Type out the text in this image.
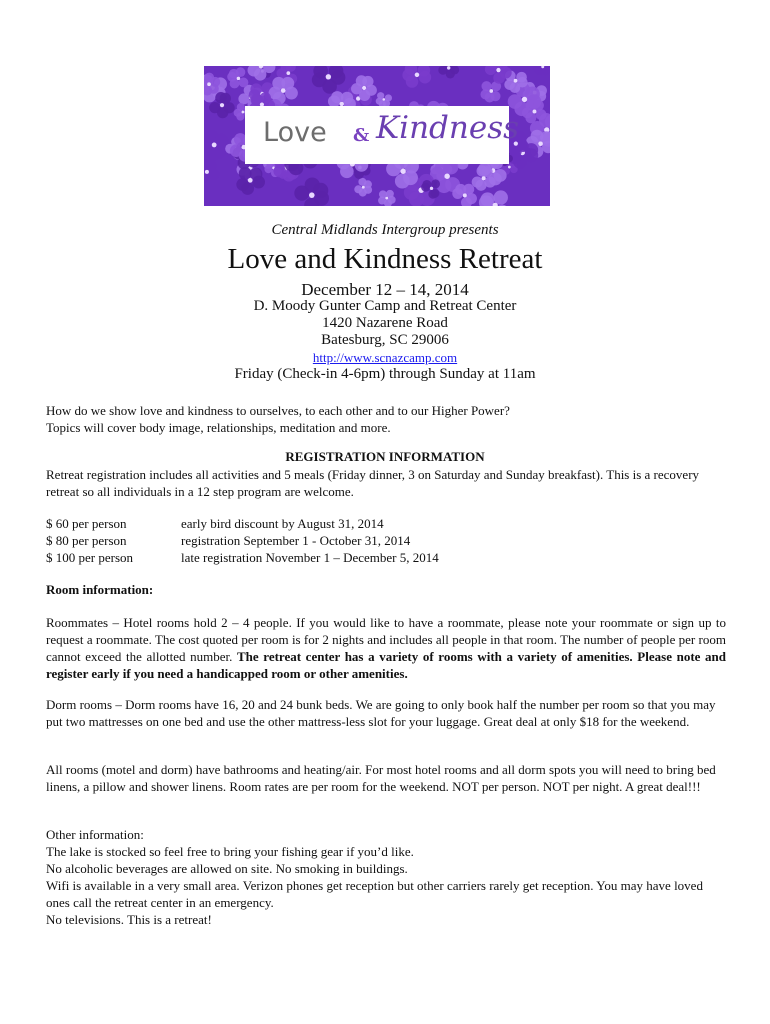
Love & Kindness
Central Midlands Intergroup presents
Love and Kindness Retreat
December 12 – 14, 2014
D. Moody Gunter Camp and Retreat Center
1420 Nazarene Road
Batesburg, SC 29006
http://www.scnazcamp.com
Friday (Check-in 4-6pm) through Sunday at 11am
How do we show love and kindness to ourselves, to each other and to our Higher Power?
Topics will cover body image, relationships, meditation and more.
REGISTRATION INFORMATION
Retreat registration includes all activities and 5 meals (Friday dinner, 3 on Saturday and Sunday breakfast). This is a recovery retreat so all individuals in a 12 step program are welcome.
$ 60 per person	early bird discount by August 31, 2014
$ 80 per person	registration September 1 - October 31, 2014
$ 100 per person	late registration November 1 – December 5, 2014
Room information:

Roommates – Hotel rooms hold 2 – 4 people. If you would like to have a roommate, please note your roommate or sign up to request a roommate. The cost quoted per room is for 2 nights and includes all people in that room. The number of people per room cannot exceed the allotted number. The retreat center has a variety of rooms with a variety of amenities. Please note and register early if you need a handicapped room or other amenities.

Dorm rooms – Dorm rooms have 16, 20 and 24 bunk beds. We are going to only book half the number per room so that you may put two mattresses on one bed and use the other mattress-less slot for your luggage. Great deal at only $18 for the weekend.

All rooms (motel and dorm) have bathrooms and heating/air. For most hotel rooms and all dorm spots you will need to bring bed linens, a pillow and shower linens. Room rates are per room for the weekend. NOT per person. NOT per night. A great deal!!!

Other information:
The lake is stocked so feel free to bring your fishing gear if you’d like.
No alcoholic beverages are allowed on site. No smoking in buildings.
Wifi is available in a very small area. Verizon phones get reception but other carriers rarely get reception. You may have loved ones call the retreat center in an emergency.
No televisions. This is a retreat!
